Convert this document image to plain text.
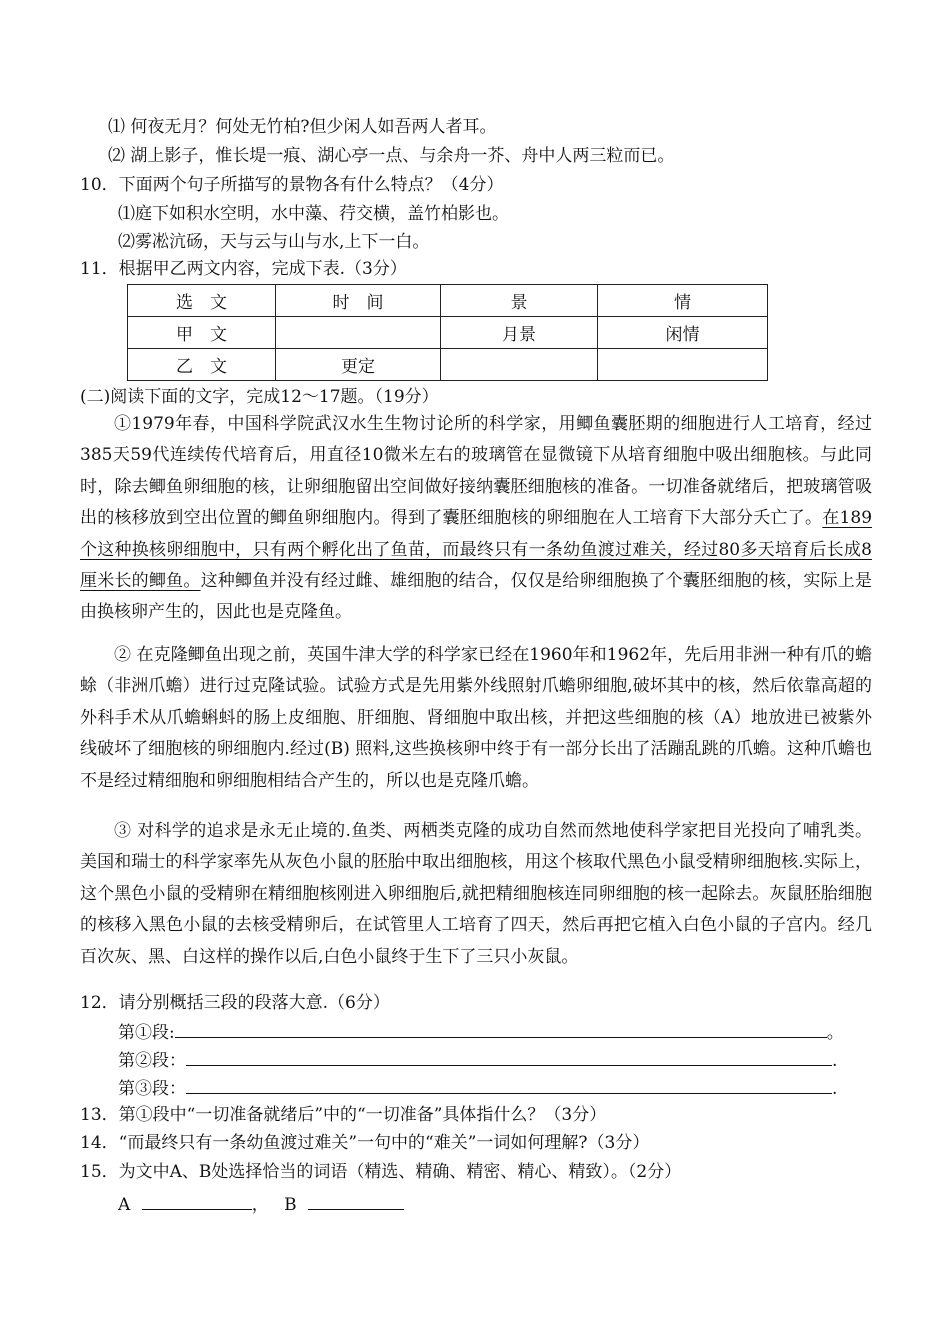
⑴ 何夜无月？何处无竹柏?但少闲人如吾两人者耳。
⑵ 湖上影子，惟长堤一痕、湖心亭一点、与余舟一芥、舟中人两三粒而已。
10．下面两个句子所描写的景物各有什么特点？（4分）
⑴庭下如积水空明，水中藻、荇交横，盖竹柏影也。
⑵雾凇沆砀，天与云与山与水,上下一白。
11．根据甲乙两文内容，完成下表.（3分）
选　文	时　间	景	情
甲　文		月景	闲情
乙　文	更定		
(二)阅读下面的文字，完成12～17题。（19分）
①1979年春，中国科学院武汉水生生物讨论所的科学家，用鲫鱼囊胚期的细胞进行人工培育，经过385天59代连续传代培育后，用直径10微米左右的玻璃管在显微镜下从培育细胞中吸出细胞核。与此同时，除去鲫鱼卵细胞的核，让卵细胞留出空间做好接纳囊胚细胞核的准备。一切准备就绪后，把玻璃管吸出的核移放到空出位置的鲫鱼卵细胞内。得到了囊胚细胞核的卵细胞在人工培育下大部分夭亡了。在189个这种换核卵细胞中，只有两个孵化出了鱼苗，而最终只有一条幼鱼渡过难关，经过80多天培育后长成8厘米长的鲫鱼。这种鲫鱼并没有经过雌、雄细胞的结合，仅仅是给卵细胞换了个囊胚细胞的核，实际上是由换核卵产生的，因此也是克隆鱼。
② 在克隆鲫鱼出现之前，英国牛津大学的科学家已经在1960年和1962年，先后用非洲一种有爪的蟾蜍（非洲爪蟾）进行过克隆试验。试验方式是先用紫外线照射爪蟾卵细胞,破坏其中的核，然后依靠高超的外科手术从爪蟾蝌蚪的肠上皮细胞、肝细胞、肾细胞中取出核，并把这些细胞的核（A）地放进已被紫外线破坏了细胞核的卵细胞内.经过(B) 照料,这些换核卵中终于有一部分长出了活蹦乱跳的爪蟾。这种爪蟾也不是经过精细胞和卵细胞相结合产生的，所以也是克隆爪蟾。
③ 对科学的追求是永无止境的.鱼类、两栖类克隆的成功自然而然地使科学家把目光投向了哺乳类。美国和瑞士的科学家率先从灰色小鼠的胚胎中取出细胞核，用这个核取代黑色小鼠受精卵细胞核.实际上，这个黑色小鼠的受精卵在精细胞核刚进入卵细胞后,就把精细胞核连同卵细胞的核一起除去。灰鼠胚胎细胞的核移入黑色小鼠的去核受精卵后，在试管里人工培育了四天，然后再把它植入白色小鼠的子宫内。经几百次灰、黑、白这样的操作以后,白色小鼠终于生下了三只小灰鼠。
12．请分别概括三段的段落大意.（6分）
第①段:	。
第②段：	.
第③段：	.
13．第①段中“一切准备就绪后”中的“一切准备”具体指什么？（3分）
14．“而最终只有一条幼鱼渡过难关”一句中的“难关”一词如何理解?（3分）
15．为文中A、B处选择恰当的词语（精选、精确、精密、精心、精致）。（2分）
A	， B
